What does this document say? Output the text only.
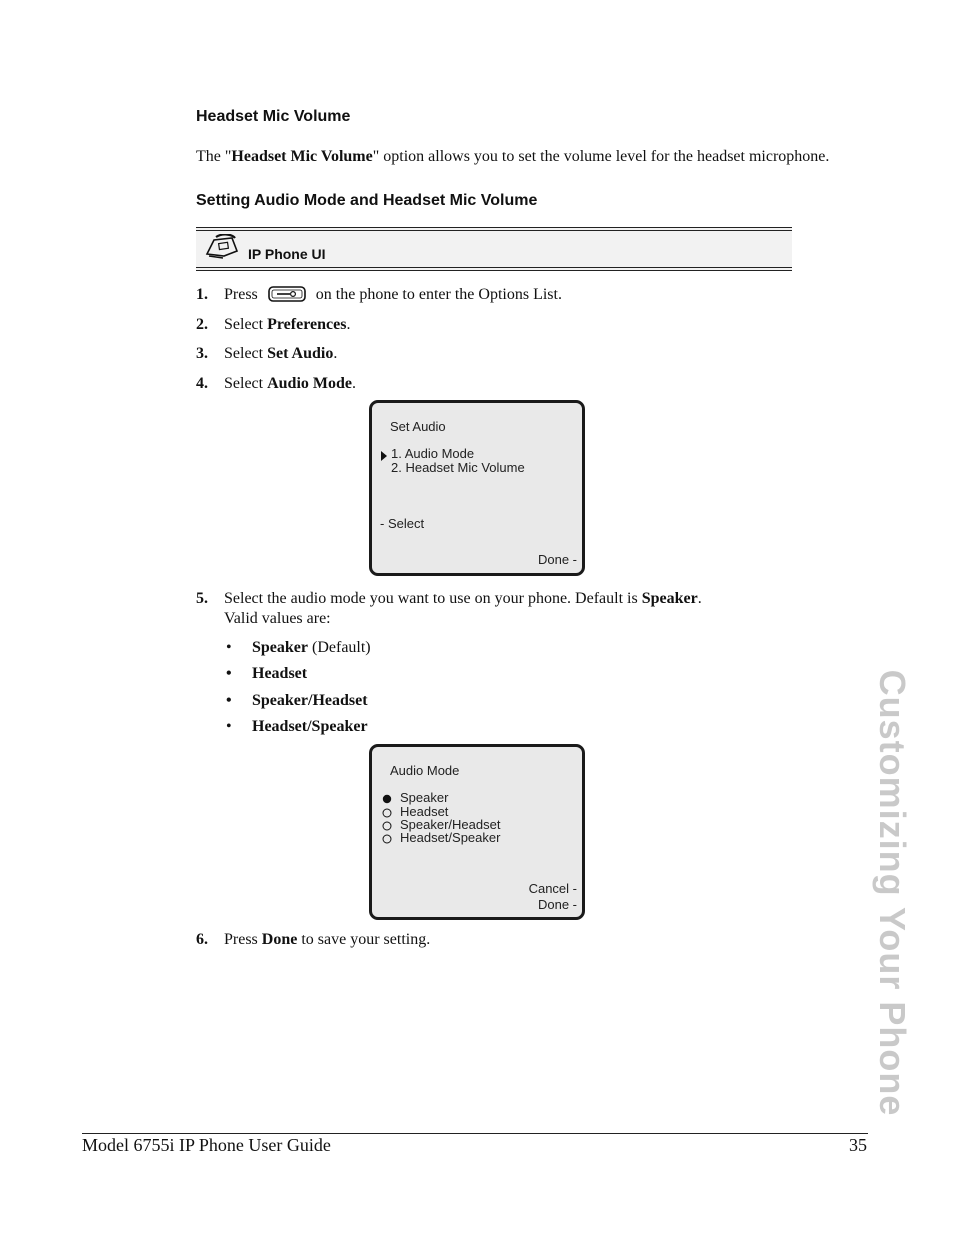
Headset Mic Volume
The "Headset Mic Volume" option allows you to set the volume level for the headset microphone.
Setting Audio Mode and Headset Mic Volume
IP Phone UI
1. Press	on the phone to enter the Options List.
2. Select Preferences.
3. Select Set Audio.
4. Select Audio Mode.
Set Audio
1. Audio Mode
2. Headset Mic Volume
- Select
Done -
5. Select the audio mode you want to use on your phone. Default is Speaker.
Valid values are:
• Speaker (Default)
• Headset
• Speaker/Headset
• Headset/Speaker
Audio Mode
Speaker
Headset
Speaker/Headset
Headset/Speaker
Cancel -
Done -
6. Press Done to save your setting.	Customizing Your Phone
Model 6755i IP Phone User Guide	35
